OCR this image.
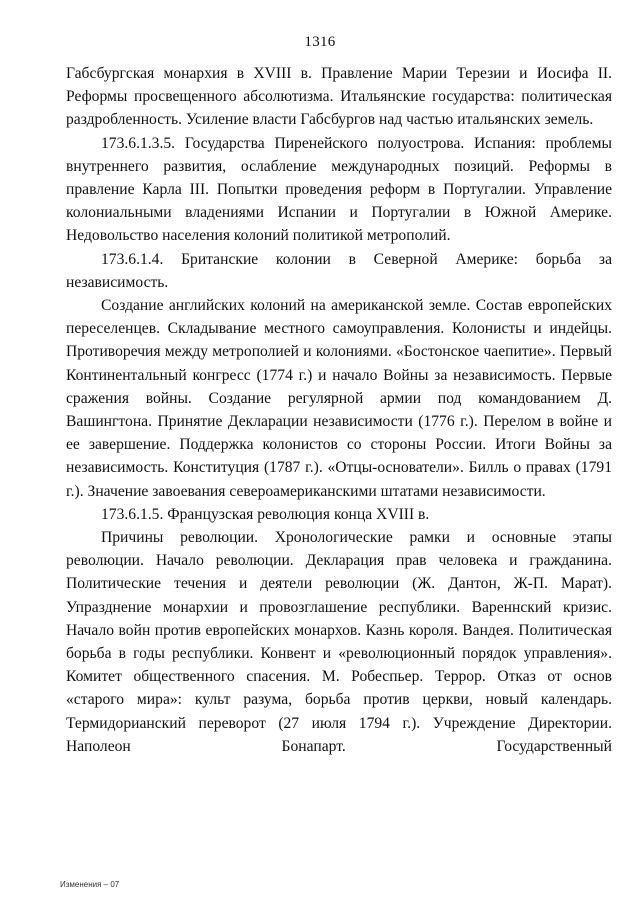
1316

Габсбургская монархия в XVIII в. Правление Марии Терезии и Иосифа II. Реформы просвещенного абсолютизма. Итальянские государства: политическая раздробленность. Усиление власти Габсбургов над частью итальянских земель.

173.6.1.3.5. Государства Пиренейского полуострова. Испания: проблемы внутреннего развития, ослабление международных позиций. Реформы в правление Карла III. Попытки проведения реформ в Португалии. Управление колониальными владениями Испании и Португалии в Южной Америке. Недовольство населения колоний политикой метрополий.

173.6.1.4. Британские колонии в Северной Америке: борьба за независимость.

Создание английских колоний на американской земле. Состав европейских переселенцев. Складывание местного самоуправления. Колонисты и индейцы. Противоречия между метрополией и колониями. «Бостонское чаепитие». Первый Континентальный конгресс (1774 г.) и начало Войны за независимость. Первые сражения войны. Создание регулярной армии под командованием Д. Вашингтона. Принятие Декларации независимости (1776 г.). Перелом в войне и ее завершение. Поддержка колонистов со стороны России. Итоги Войны за независимость. Конституция (1787 г.). «Отцы-основатели». Билль о правах (1791 г.). Значение завоевания североамериканскими штатами независимости.

173.6.1.5. Французская революция конца XVIII в.

Причины революции. Хронологические рамки и основные этапы революции. Начало революции. Декларация прав человека и гражданина. Политические течения и деятели революции (Ж. Дантон, Ж-П. Марат). Упразднение монархии и провозглашение республики. Вареннский кризис. Начало войн против европейских монархов. Казнь короля. Вандея. Политическая борьба в годы республики. Конвент и «революционный порядок управления». Комитет общественного спасения. М. Робеспьер. Террор. Отказ от основ «старого мира»: культ разума, борьба против церкви, новый календарь. Термидорианский переворот (27 июля 1794 г.). Учреждение Директории. Наполеон Бонапарт. Государственный

Изменения – 07
